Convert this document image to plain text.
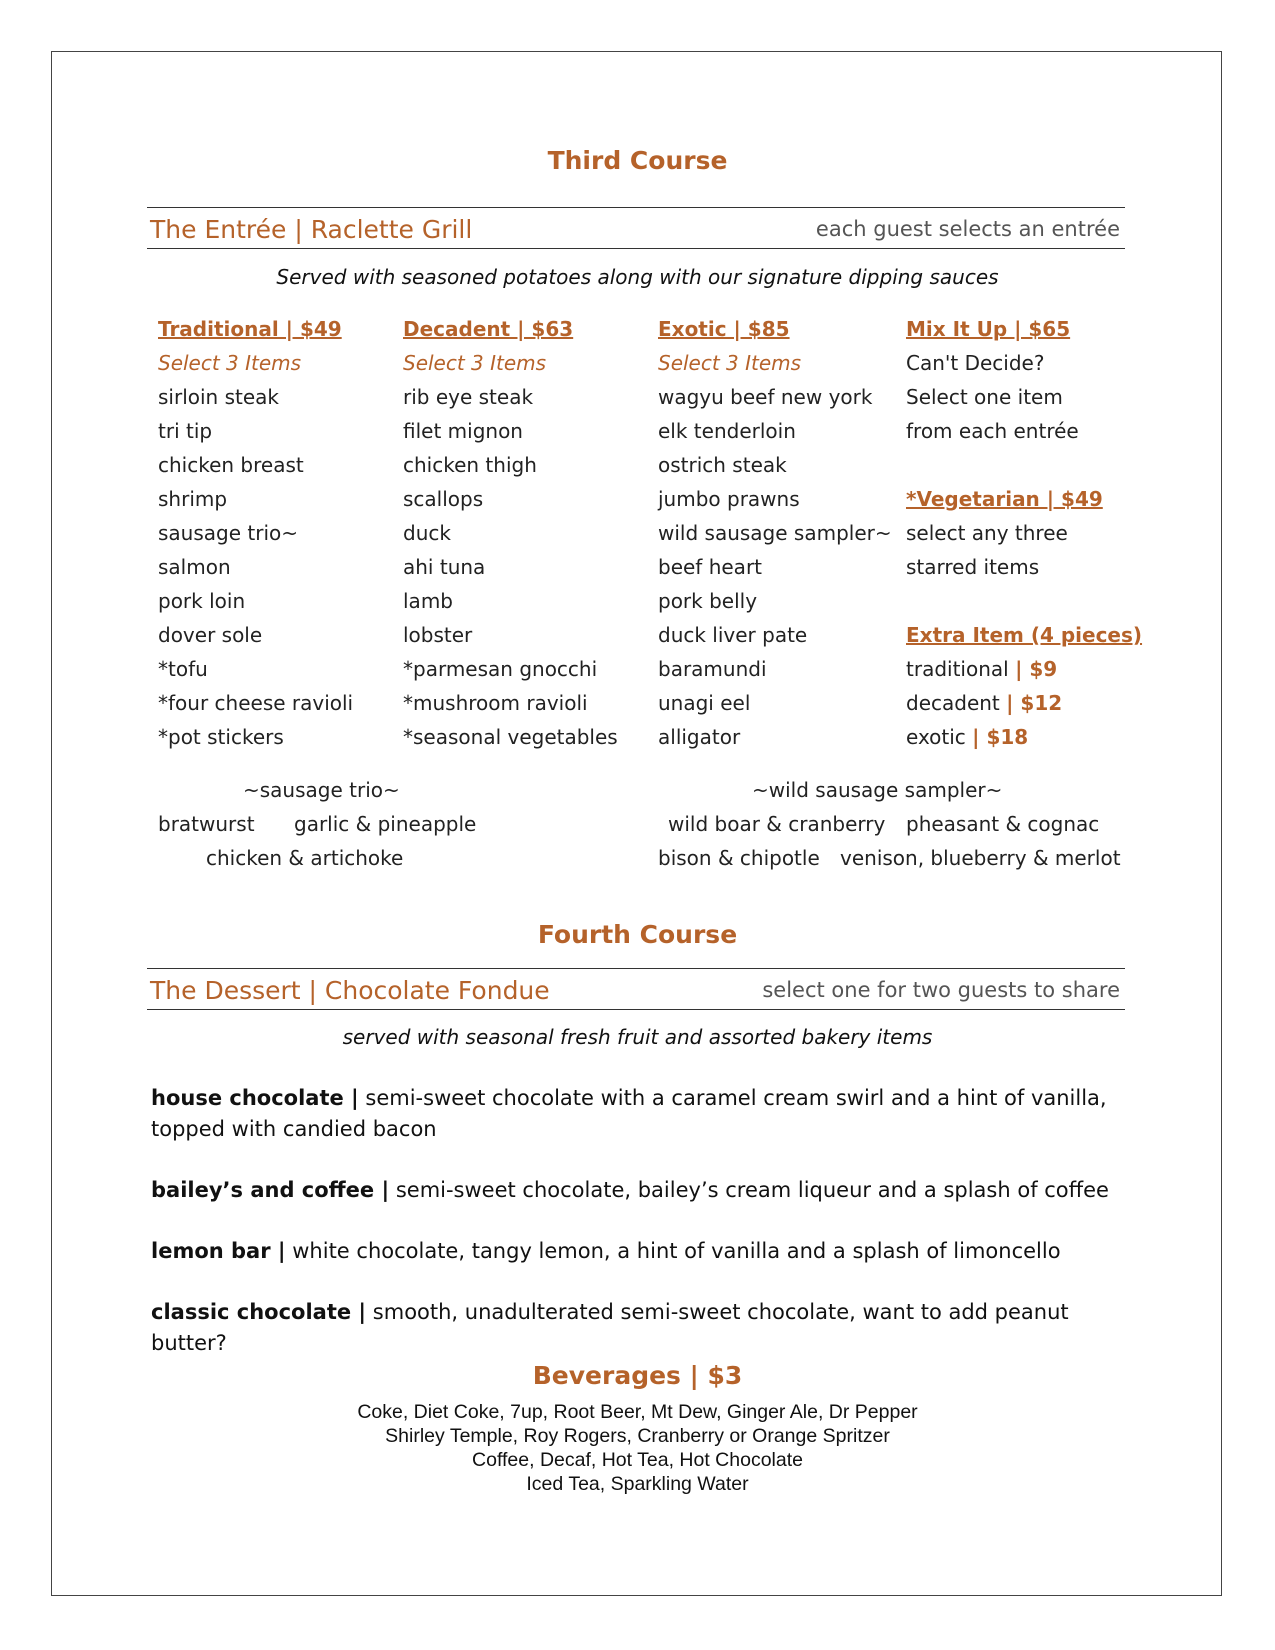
Third Course
The Entrée | Raclette Grill	each guest selects an entrée
Served with seasoned potatoes along with our signature dipping sauces
Traditional | $49
Select 3 Items
sirloin steak
tri tip
chicken breast
shrimp
sausage trio~
salmon
pork loin
dover sole
*tofu
*four cheese ravioli
*pot stickers
Decadent | $63
Select 3 Items
rib eye steak
filet mignon
chicken thigh
scallops
duck
ahi tuna
lamb
lobster
*parmesan gnocchi
*mushroom ravioli
*seasonal vegetables
Exotic | $85
Select 3 Items
wagyu beef new york
elk tenderloin
ostrich steak
jumbo prawns
wild sausage sampler~
beef heart
pork belly
duck liver pate
baramundi
unagi eel
alligator
Mix It Up | $65
Can't Decide?
Select one item
from each entrée
*Vegetarian | $49
select any three
starred items
Extra Item (4 pieces)
traditional | $9
decadent | $12
exotic | $18
~sausage trio~
bratwurst garlic & pineapple
chicken & artichoke
~wild sausage sampler~
wild boar & cranberry pheasant & cognac
bison & chipotle venison, blueberry & merlot
Fourth Course
The Dessert | Chocolate Fondue	select one for two guests to share
served with seasonal fresh fruit and assorted bakery items
house chocolate | semi-sweet chocolate with a caramel cream swirl and a hint of vanilla, topped with candied bacon
bailey’s and coffee | semi-sweet chocolate, bailey’s cream liqueur and a splash of coffee
lemon bar | white chocolate, tangy lemon, a hint of vanilla and a splash of limoncello
classic chocolate | smooth, unadulterated semi-sweet chocolate, want to add peanut butter?
Beverages | $3
Coke, Diet Coke, 7up, Root Beer, Mt Dew, Ginger Ale, Dr Pepper
Shirley Temple, Roy Rogers, Cranberry or Orange Spritzer
Coffee, Decaf, Hot Tea, Hot Chocolate
Iced Tea, Sparkling Water
